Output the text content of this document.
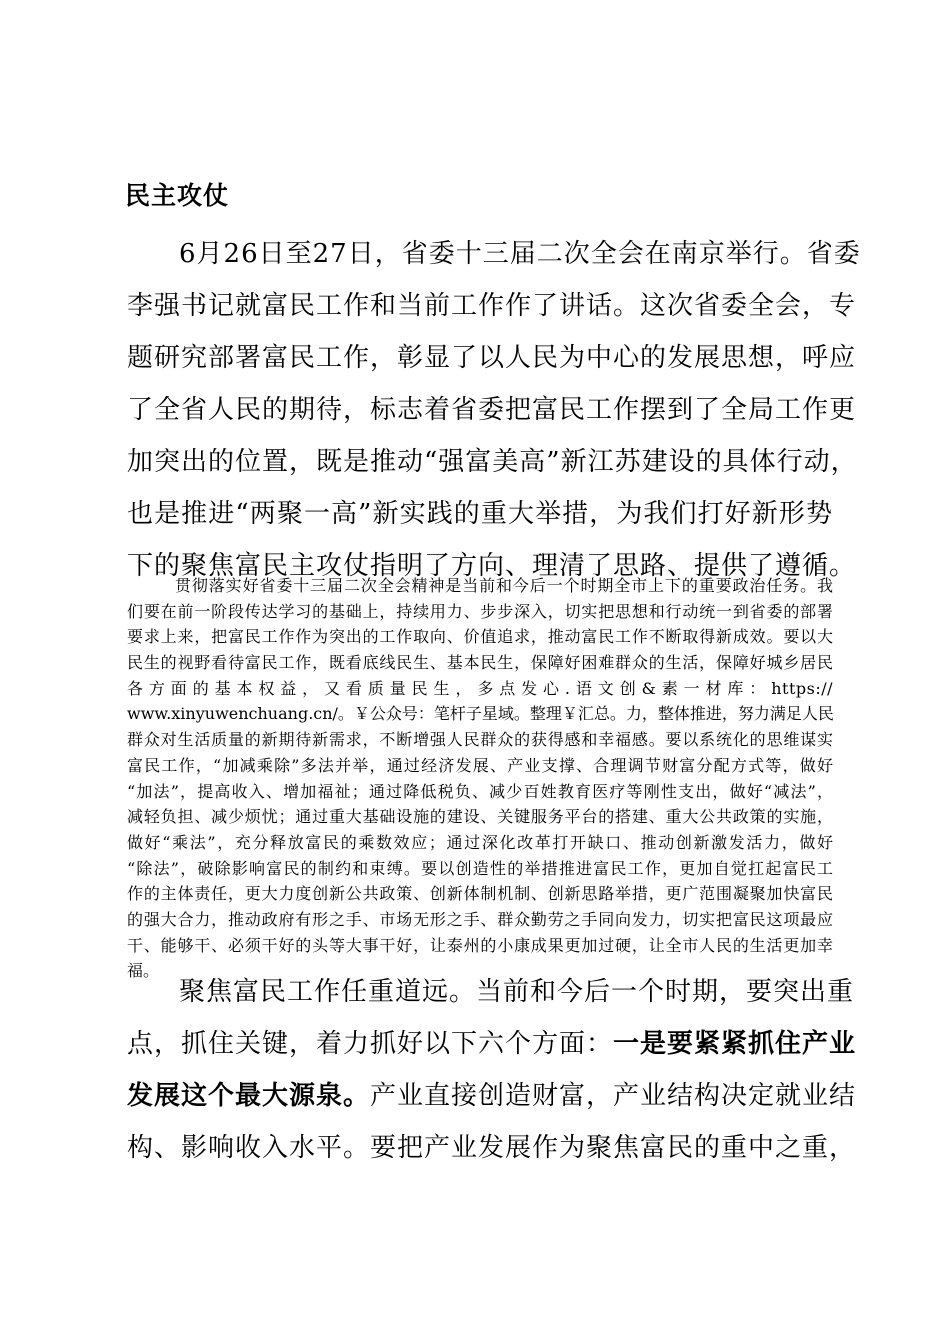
民主攻仗
6月26日至27日，省委十三届二次全会在南京举行。省委
李强书记就富民工作和当前工作作了讲话。这次省委全会，专
题研究部署富民工作，彰显了以人民为中心的发展思想，呼应
了全省人民的期待，标志着省委把富民工作摆到了全局工作更
加突出的位置，既是推动“强富美高”新江苏建设的具体行动，
也是推进“两聚一高”新实践的重大举措，为我们打好新形势
下的聚焦富民主攻仗指明了方向、理清了思路、提供了遵循。
贯彻落实好省委十三届二次全会精神是当前和今后一个时期全市上下的重要政治任务。我
们要在前一阶段传达学习的基础上，持续用力、步步深入，切实把思想和行动统一到省委的部署
要求上来，把富民工作作为突出的工作取向、价值追求，推动富民工作不断取得新成效。要以大
民生的视野看待富民工作，既看底线民生、基本民生，保障好困难群众的生活，保障好城乡居民
各方面的基本权益，又看质量民生，多点发心.语文创&素一材库：https://
www.xinyuwenchuang.cn/。￥公众号：笔杆子星域。整理￥汇总。力，整体推进，努力满足人民
群众对生活质量的新期待新需求，不断增强人民群众的获得感和幸福感。要以系统化的思维谋实
富民工作，“加减乘除”多法并举，通过经济发展、产业支撑、合理调节财富分配方式等，做好
“加法”，提高收入、增加福祉；通过降低税负、减少百姓教育医疗等刚性支出，做好“减法”，
减轻负担、减少烦忧；通过重大基础设施的建设、关键服务平台的搭建、重大公共政策的实施，
做好“乘法”，充分释放富民的乘数效应；通过深化改革打开缺口、推动创新激发活力，做好
“除法”，破除影响富民的制约和束缚。要以创造性的举措推进富民工作，更加自觉扛起富民工
作的主体责任，更大力度创新公共政策、创新体制机制、创新思路举措，更广范围凝聚加快富民
的强大合力，推动政府有形之手、市场无形之手、群众勤劳之手同向发力，切实把富民这项最应
干、能够干、必须干好的头等大事干好，让泰州的小康成果更加过硬，让全市人民的生活更加幸
福。
聚焦富民工作任重道远。当前和今后一个时期，要突出重
点，抓住关键，着力抓好以下六个方面：一是要紧紧抓住产业
发展这个最大源泉。产业直接创造财富，产业结构决定就业结
构、影响收入水平。要把产业发展作为聚焦富民的重中之重，
